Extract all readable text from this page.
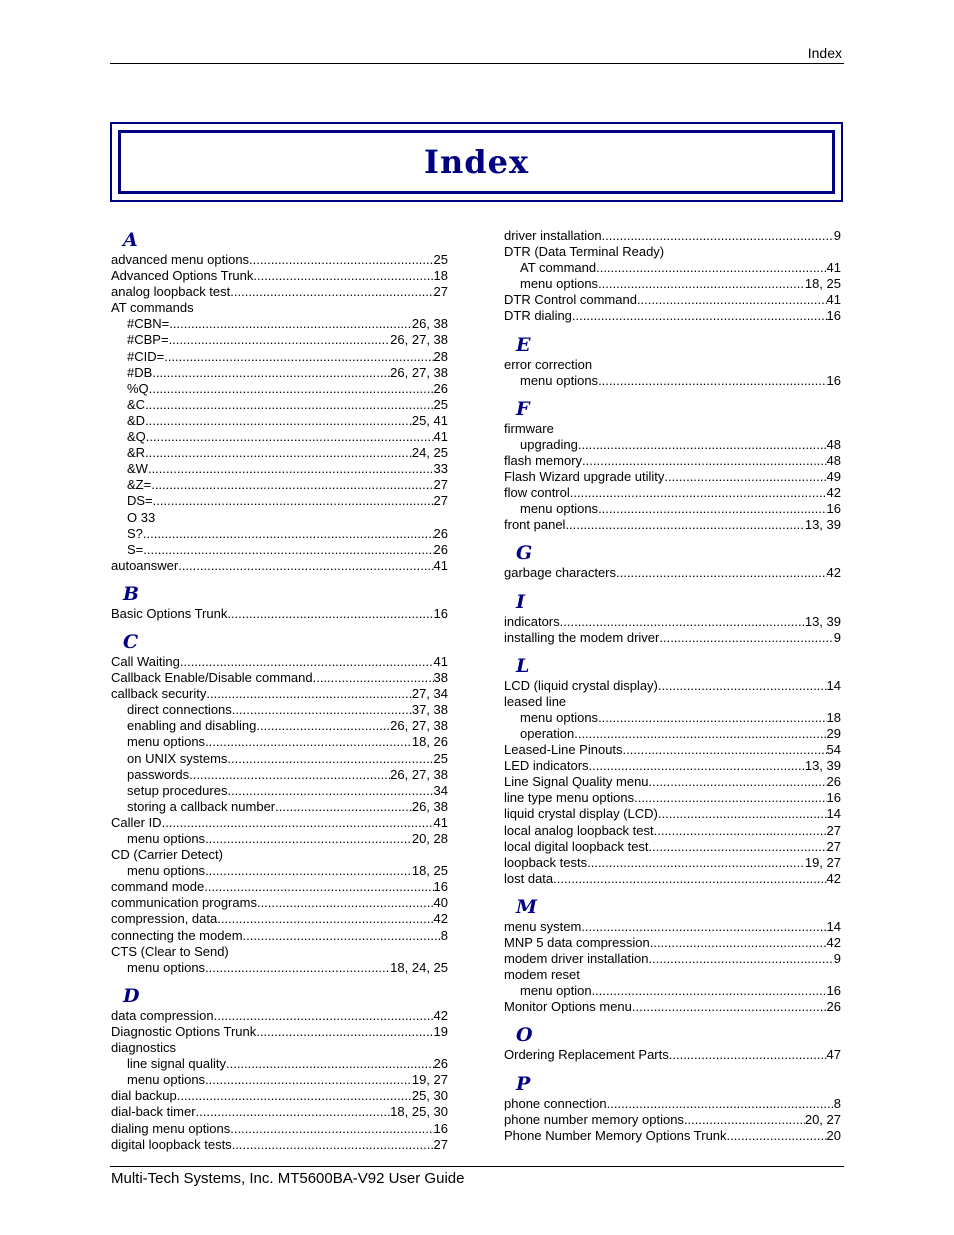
Index
Index
A
advanced menu options .....	25
Advanced Options Trunk .....	18
analog loopback test .....	27
AT commands
#CBN= .....	26, 38
#CBP= .....	26, 27, 38
#CID= .....	28
#DB .....	26, 27, 38
%Q .....	26
&C .....	25
&D .....	25, 41
&Q .....	41
&R .....	24, 25
&W .....	33
&Z= .....	27
DS= .....	27
O 33
S? .....	26
S= .....	26
autoanswer .....	41
B
Basic Options Trunk .....	16
C
Call Waiting .....	41
Callback Enable/Disable command .....	38
callback security .....	27, 34
direct connections .....	37, 38
enabling and disabling .....	26, 27, 38
menu options .....	18, 26
on UNIX systems .....	25
passwords .....	26, 27, 38
setup procedures .....	34
storing a callback number .....	26, 38
Caller ID .....	41
menu options .....	20, 28
CD (Carrier Detect)
menu options .....	18, 25
command mode .....	16
communication programs .....	40
compression, data .....	42
connecting the modem .....	8
CTS (Clear to Send)
menu options .....	18, 24, 25
D
data compression .....	42
Diagnostic Options Trunk .....	19
diagnostics
line signal quality .....	26
menu options .....	19, 27
dial backup .....	25, 30
dial-back timer .....	18, 25, 30
dialing menu options .....	16
digital loopback tests .....	27
driver installation .....	9
DTR (Data Terminal Ready)
AT command .....	41
menu options .....	18, 25
DTR Control command .....	41
DTR dialing .....	16
E
error correction
menu options .....	16
F
firmware
upgrading .....	48
flash memory .....	48
Flash Wizard upgrade utility .....	49
flow control .....	42
menu options .....	16
front panel .....	13, 39
G
garbage characters .....	42
I
indicators .....	13, 39
installing the modem driver .....	9
L
LCD (liquid crystal display) .....	14
leased line
menu options .....	18
operation .....	29
Leased-Line Pinouts .....	54
LED indicators .....	13, 39
Line Signal Quality menu .....	26
line type menu options .....	16
liquid crystal display (LCD) .....	14
local analog loopback test .....	27
local digital loopback test .....	27
loopback tests .....	19, 27
lost data .....	42
M
menu system .....	14
MNP 5 data compression .....	42
modem driver installation .....	9
modem reset
menu option .....	16
Monitor Options menu .....	26
O
Ordering Replacement Parts .....	47
P
phone connection .....	8
phone number memory options .....	20, 27
Phone Number Memory Options Trunk .....	20
Multi-Tech Systems, Inc. MT5600BA-V92 User Guide
